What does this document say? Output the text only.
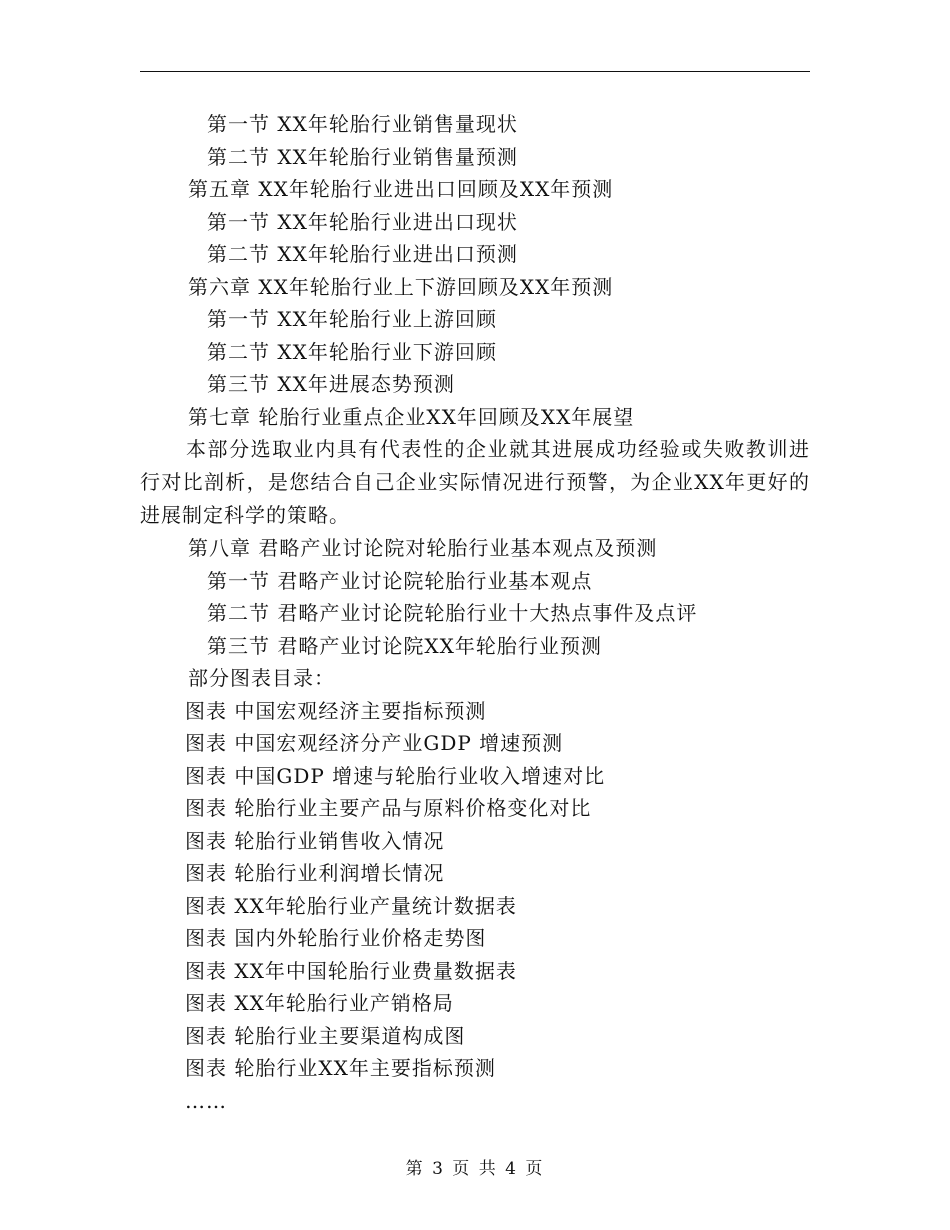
第一节 XX年轮胎行业销售量现状
第二节 XX年轮胎行业销售量预测
第五章 XX年轮胎行业进出口回顾及XX年预测
第一节 XX年轮胎行业进出口现状
第二节 XX年轮胎行业进出口预测
第六章 XX年轮胎行业上下游回顾及XX年预测
第一节 XX年轮胎行业上游回顾
第二节 XX年轮胎行业下游回顾
第三节 XX年进展态势预测
第七章 轮胎行业重点企业XX年回顾及XX年展望
本部分选取业内具有代表性的企业就其进展成功经验或失败教训进行对比剖析，是您结合自己企业实际情况进行预警，为企业XX年更好的进展制定科学的策略。
第八章 君略产业讨论院对轮胎行业基本观点及预测
第一节 君略产业讨论院轮胎行业基本观点
第二节 君略产业讨论院轮胎行业十大热点事件及点评
第三节 君略产业讨论院XX年轮胎行业预测
部分图表目录：
图表 中国宏观经济主要指标预测
图表 中国宏观经济分产业GDP 增速预测
图表 中国GDP 增速与轮胎行业收入增速对比
图表 轮胎行业主要产品与原料价格变化对比
图表 轮胎行业销售收入情况
图表 轮胎行业利润增长情况
图表 XX年轮胎行业产量统计数据表
图表 国内外轮胎行业价格走势图
图表 XX年中国轮胎行业费量数据表
图表 XX年轮胎行业产销格局
图表 轮胎行业主要渠道构成图
图表 轮胎行业XX年主要指标预测
……
第 3 页 共 4 页
